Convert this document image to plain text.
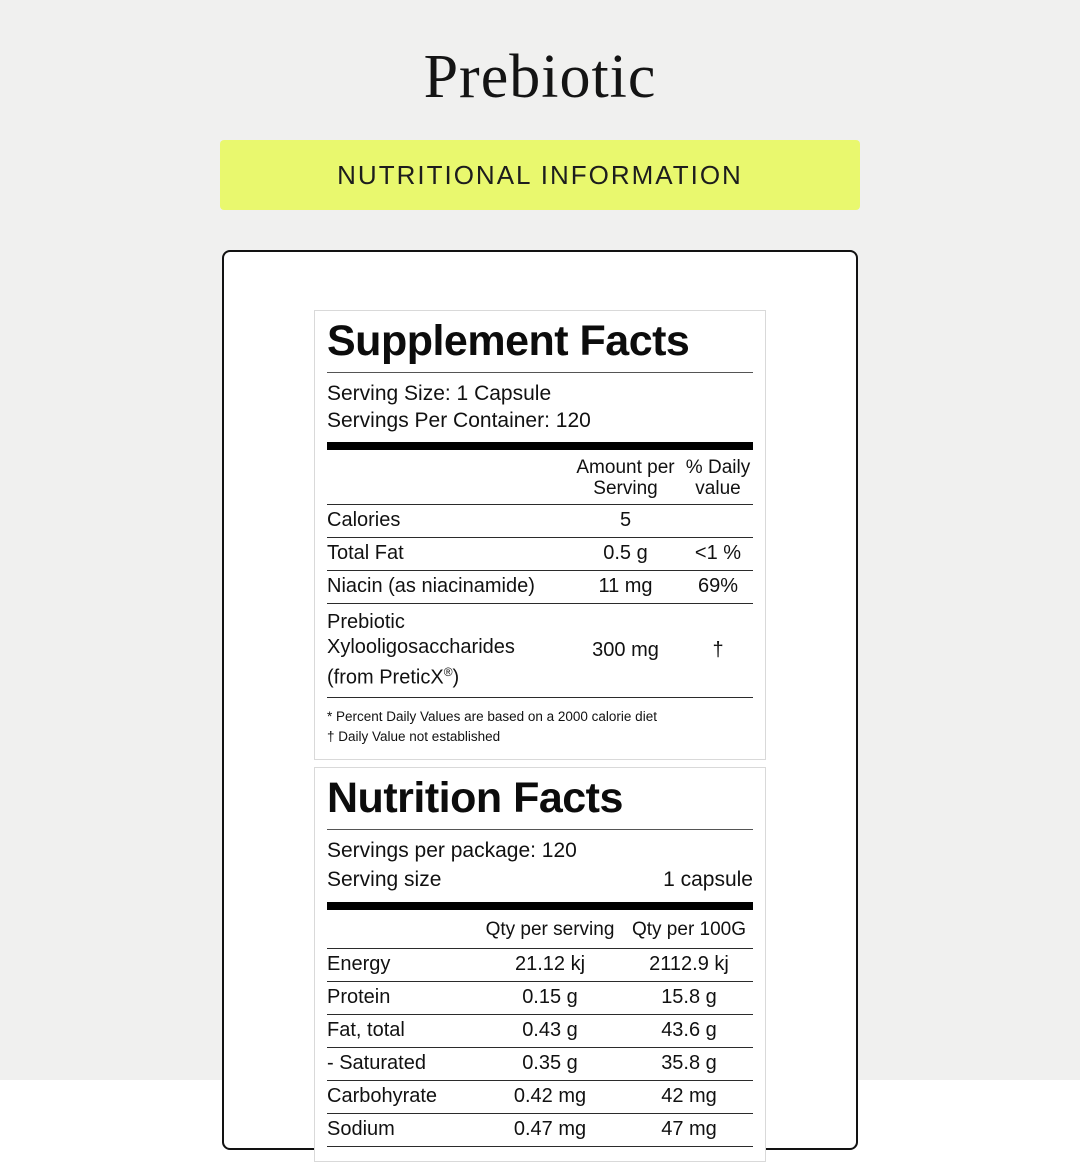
Prebiotic
NUTRITIONAL INFORMATION
Supplement Facts
Serving Size: 1 Capsule
Servings Per Container: 120
Amount per Serving
% Daily value
Calories	5
Total Fat	0.5 g	<1 %
Niacin (as niacinamide)	11 mg	69%
Prebiotic Xylooligosaccharides
(from PreticX®)
300 mg	†
* Percent Daily Values are based on a 2000 calorie diet
† Daily Value not established
Nutrition Facts
Servings per package: 120
Serving size	1 capsule
Qty per serving Qty per 100G
Energy	21.12 kj	2112.9 kj
Protein	0.15 g	15.8 g
Fat, total	0.43 g	43.6 g
- Saturated	0.35 g	35.8 g
Carbohyrate	0.42 mg	42 mg
Sodium	0.47 mg	47 mg
